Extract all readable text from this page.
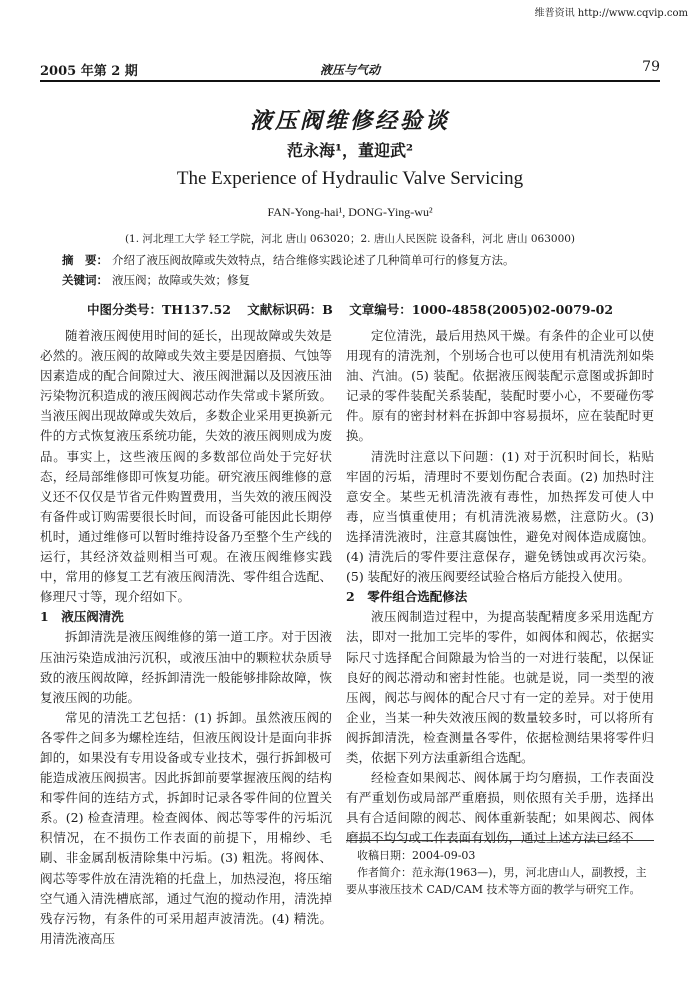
维普资讯 http://www.cqvip.com
2005 年第 2 期	液压与气动	79
液压阀维修经验谈
范永海¹，董迎武²
The Experience of Hydraulic Valve Servicing
FAN-Yong-hai¹, DONG-Ying-wu²
(1. 河北理工大学 轻工学院，河北 唐山 063020；2. 唐山人民医院 设备科，河北 唐山 063000)
摘　要： 介绍了液压阀故障或失效特点，结合维修实践论述了几种简单可行的修复方法。
关键词： 液压阀；故障或失效；修复
中图分类号：TH137.52 文献标识码：B 文章编号：1000-4858(2005)02-0079-02

随着液压阀使用时间的延长，出现故障或失效是必然的。液压阀的故障或失效主要是因磨损、气蚀等因素造成的配合间隙过大、液压阀泄漏以及因液压油污染物沉积造成的液压阀阀芯动作失常或卡紧所致。当液压阀出现故障或失效后，多数企业采用更换新元件的方式恢复液压系统功能，失效的液压阀则成为废品。事实上，这些液压阀的多数部位尚处于完好状态，经局部维修即可恢复功能。研究液压阀维修的意义还不仅仅是节省元件购置费用，当失效的液压阀没有备件或订购需要很长时间，而设备可能因此长期停机时，通过维修可以暂时维持设备乃至整个生产线的运行，其经济效益则相当可观。在液压阀维修实践中，常用的修复工艺有液压阀清洗、零件组合选配、修理尺寸等，现介绍如下。

1　液压阀清洗

拆卸清洗是液压阀维修的第一道工序。对于因液压油污染造成油污沉积，或液压油中的颗粒状杂质导致的液压阀故障，经拆卸清洗一般能够排除故障，恢复液压阀的功能。

常见的清洗工艺包括：(1) 拆卸。虽然液压阀的各零件之间多为螺栓连结，但液压阀设计是面向非拆卸的，如果没有专用设备或专业技术，强行拆卸极可能造成液压阀损害。因此拆卸前要掌握液压阀的结构和零件间的连结方式，拆卸时记录各零件间的位置关系。(2) 检查清理。检查阀体、阀芯等零件的污垢沉积情况，在不损伤工作表面的前提下，用棉纱、毛刷、非金属刮板清除集中污垢。(3) 粗洗。将阀体、阀芯等零件放在清洗箱的托盘上，加热浸泡，将压缩空气通入清洗槽底部，通过气泡的搅动作用，清洗掉残存污物，有条件的可采用超声波清洗。(4) 精洗。用清洗液高压

定位清洗，最后用热风干燥。有条件的企业可以使用现有的清洗剂，个别场合也可以使用有机清洗剂如柴油、汽油。(5) 装配。依据液压阀装配示意图或拆卸时记录的零件装配关系装配，装配时要小心，不要碰伤零件。原有的密封材料在拆卸中容易损坏，应在装配时更换。

清洗时注意以下问题：(1) 对于沉积时间长，粘贴牢固的污垢，清理时不要划伤配合表面。(2) 加热时注意安全。某些无机清洗液有毒性，加热挥发可使人中毒，应当慎重使用；有机清洗液易燃，注意防火。(3) 选择清洗液时，注意其腐蚀性，避免对阀体造成腐蚀。(4) 清洗后的零件要注意保存，避免锈蚀或再次污染。(5) 装配好的液压阀要经试验合格后方能投入使用。

2　零件组合选配修法

液压阀制造过程中，为提高装配精度多采用选配方法，即对一批加工完毕的零件，如阀体和阀芯，依据实际尺寸选择配合间隙最为恰当的一对进行装配，以保证良好的阀芯滑动和密封性能。也就是说，同一类型的液压阀，阀芯与阀体的配合尺寸有一定的差异。对于使用企业，当某一种失效液压阀的数量较多时，可以将所有阀拆卸清洗，检查测量各零件，依据检测结果将零件归类，依据下列方法重新组合选配。

经检查如果阀芯、阀体属于均匀磨损，工作表面没有严重划伤或局部严重磨损，则依照有关手册，选择出具有合适间隙的阀芯、阀体重新装配；如果阀芯、阀体磨损不均匀或工作表面有划伤，通过上述方法已经不

收稿日期：2004-09-03
作者简介：范永海(1963—)，男，河北唐山人，副教授，主要从事液压技术 CAD/CAM 技术等方面的教学与研究工作。
